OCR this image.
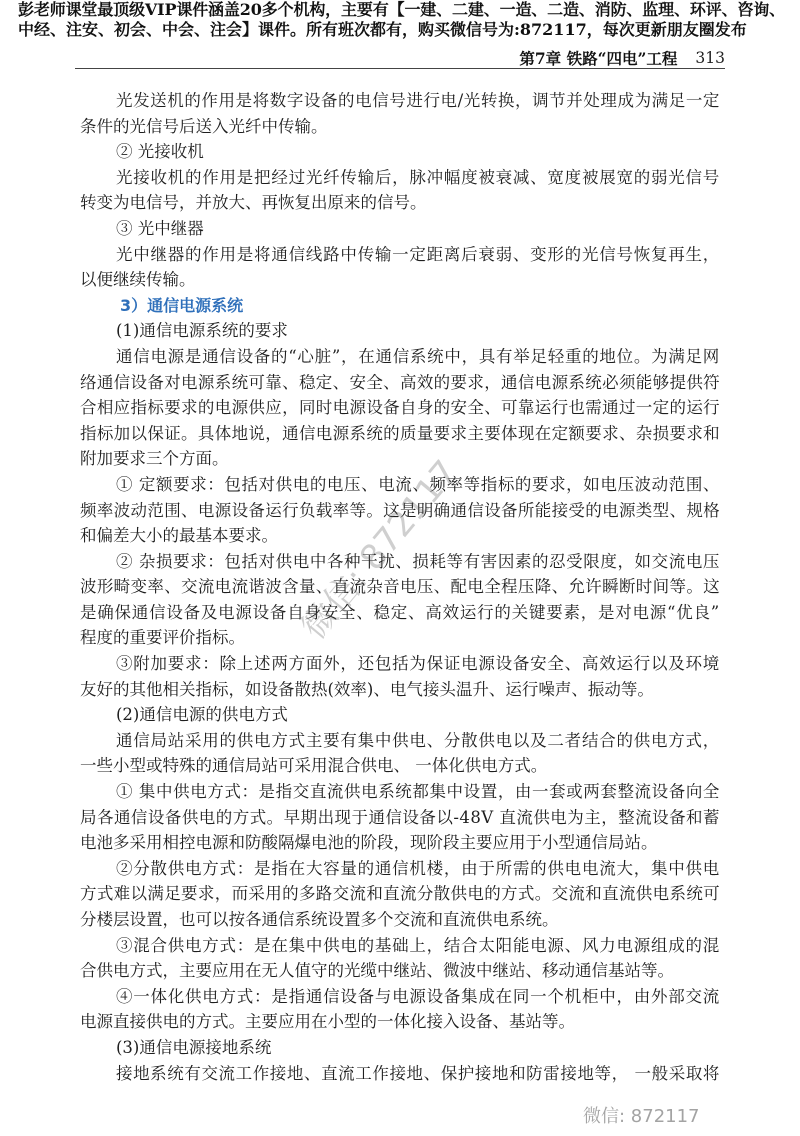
彭老师课堂最顶级VIP课件涵盖20多个机构，主要有【一建、二建、一造、二造、消防、监理、环评、咨询、
中经、注安、初会、中会、注会】课件。所有班次都有，购买微信号为:872117，每次更新朋友圈发布
第7章 铁路“四电”工程 313
光发送机的作用是将数字设备的电信号进行电/光转换，调节并处理成为满足一定
条件的光信号后送入光纤中传输。
② 光接收机
光接收机的作用是把经过光纤传输后，脉冲幅度被衰减、宽度被展宽的弱光信号
转变为电信号，并放大、再恢复出原来的信号。
③ 光中继器
光中继器的作用是将通信线路中传输一定距离后衰弱、变形的光信号恢复再生，
以便继续传输。
3）通信电源系统
(1)通信电源系统的要求
通信电源是通信设备的“心脏”，在通信系统中，具有举足轻重的地位。为满足网
络通信设备对电源系统可靠、稳定、安全、高效的要求，通信电源系统必须能够提供符
合相应指标要求的电源供应，同时电源设备自身的安全、可靠运行也需通过一定的运行
指标加以保证。具体地说，通信电源系统的质量要求主要体现在定额要求、杂损要求和
附加要求三个方面。
① 定额要求：包括对供电的电压、电流、频率等指标的要求，如电压波动范围、
频率波动范围、电源设备运行负载率等。这是明确通信设备所能接受的电源类型、规格
和偏差大小的最基本要求。
② 杂损要求：包括对供电中各种干扰、损耗等有害因素的忍受限度，如交流电压
波形畸变率、交流电流谐波含量、直流杂音电压、配电全程压降、允许瞬断时间等。这
是确保通信设备及电源设备自身安全、稳定、高效运行的关键要素，是对电源“优良”
程度的重要评价指标。
③附加要求：除上述两方面外，还包括为保证电源设备安全、高效运行以及环境
友好的其他相关指标，如设备散热(效率)、电气接头温升、运行噪声、振动等。
(2)通信电源的供电方式
通信局站采用的供电方式主要有集中供电、分散供电以及二者结合的供电方式，
一些小型或特殊的通信局站可采用混合供电、 一体化供电方式。
① 集中供电方式：是指交直流供电系统都集中设置，由一套或两套整流设备向全
局各通信设备供电的方式。早期出现于通信设备以-48V 直流供电为主，整流设备和蓄
电池多采用相控电源和防酸隔爆电池的阶段，现阶段主要应用于小型通信局站。
②分散供电方式：是指在大容量的通信机楼，由于所需的供电电流大，集中供电
方式难以满足要求，而采用的多路交流和直流分散供电的方式。交流和直流供电系统可
分楼层设置，也可以按各通信系统设置多个交流和直流供电系统。
③混合供电方式：是在集中供电的基础上，结合太阳能电源、风力电源组成的混
合供电方式，主要应用在无人值守的光缆中继站、微波中继站、移动通信基站等。
④一体化供电方式：是指通信设备与电源设备集成在同一个机柜中，由外部交流
电源直接供电的方式。主要应用在小型的一体化接入设备、基站等。
(3)通信电源接地系统
接地系统有交流工作接地、直流工作接地、保护接地和防雷接地等， 一般采取将
微信: 872117
微信: 872117
